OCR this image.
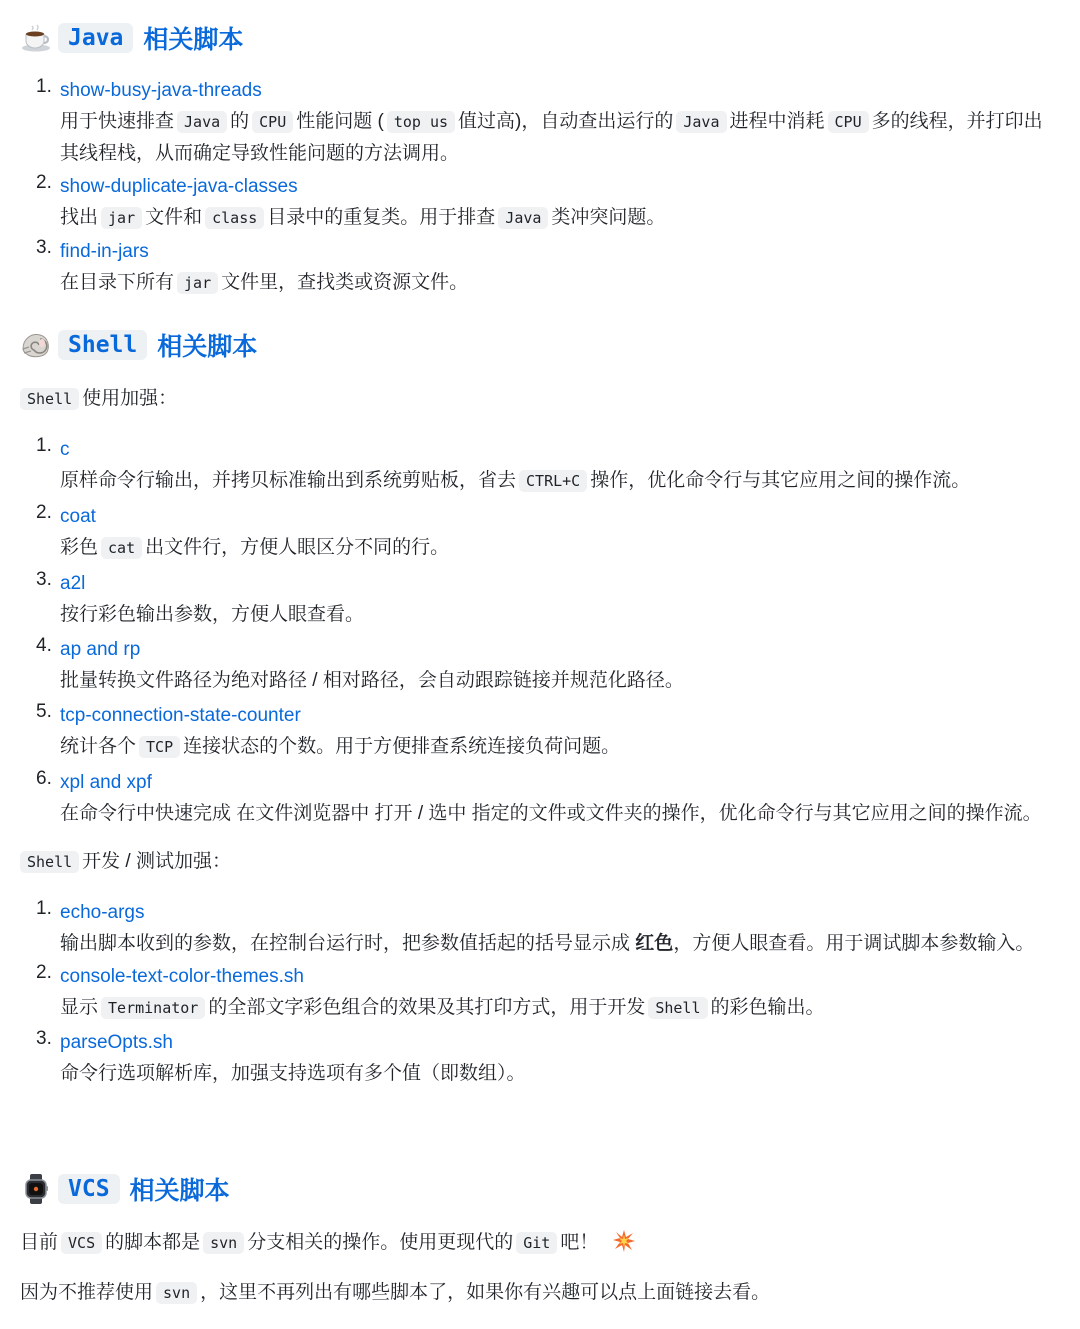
Java 相关脚本
1. show-busy-java-threads
用于快速排查 Java 的 CPU 性能问题 ( top us 值过高)，自动查出运行的 Java 进程中消耗 CPU 多的线程，并打印出其线程栈，从而确定导致性能问题的方法调用。
2. show-duplicate-java-classes
找出 jar 文件和 class 目录中的重复类。用于排查 Java 类冲突问题。
3. find-in-jars
在目录下所有 jar 文件里，查找类或资源文件。
Shell 相关脚本

Shell 使用加强：

1. c
原样命令行输出，并拷贝标准输出到系统剪贴板，省去 CTRL+C 操作，优化命令行与其它应用之间的操作流。
2. coat
彩色 cat 出文件行，方便人眼区分不同的行。
3. a2l
按行彩色输出参数，方便人眼查看。
4. ap and rp
批量转换文件路径为绝对路径 / 相对路径，会自动跟踪链接并规范化路径。
5. tcp-connection-state-counter
统计各个 TCP 连接状态的个数。用于方便排查系统连接负荷问题。
6. xpl and xpf
在命令行中快速完成 在文件浏览器中 打开 / 选中 指定的文件或文件夹的操作，优化命令行与其它应用之间的操作流。

Shell 开发 / 测试加强：

1. echo-args
输出脚本收到的参数，在控制台运行时，把参数值括起的括号显示成 红色，方便人眼查看。用于调试脚本参数输入。
2. console-text-color-themes.sh
显示 Terminator 的全部文字彩色组合的效果及其打印方式，用于开发 Shell 的彩色输出。
3. parseOpts.sh
命令行选项解析库，加强支持选项有多个值（即数组）。
VCS 相关脚本

目前 VCS 的脚本都是 svn 分支相关的操作。使用更现代的 Git 吧！

因为不推荐使用 svn ，这里不再列出有哪些脚本了，如果你有兴趣可以点上面链接去看。
